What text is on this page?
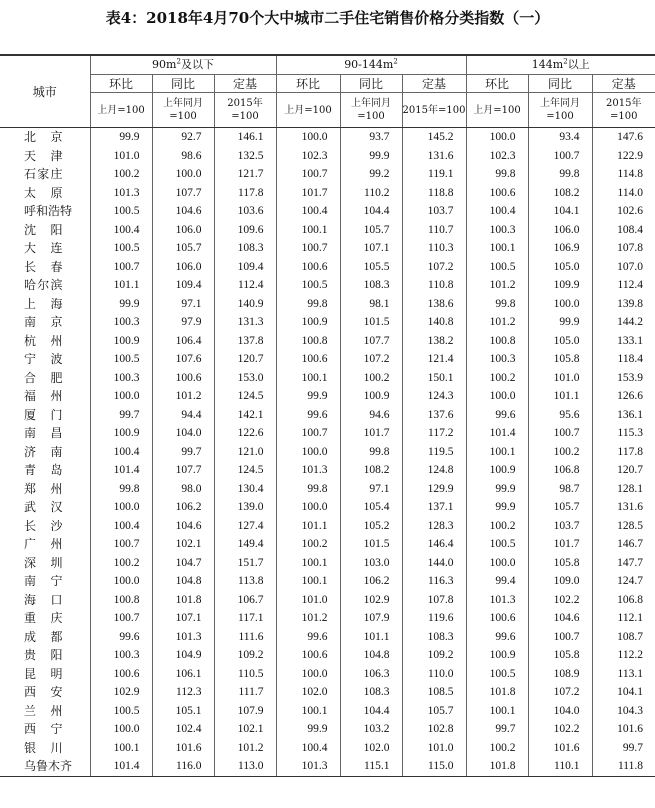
表4：2018年4月70个大中城市二手住宅销售价格分类指数（一）
城市	$90m^2$及以下			$90-144m^2$			$144m^2$以上		
	环比	同比	定基	环比	同比	定基	环比	同比	定基
	上月=100	上年同月=100	2015年=100	上月=100	上年同月=100	2015年=100	上月=100	上年同月=100	2015年=100
北京	99.9	92.7	146.1	100.0	93.7	145.2	100.0	93.4	147.6
天津	101.0	98.6	132.5	102.3	99.9	131.6	102.3	100.7	122.9
石家庄	100.2	100.0	121.7	100.7	99.2	119.1	99.8	99.8	114.8
太原	101.3	107.7	117.8	101.7	110.2	118.8	100.6	108.2	114.0
呼和浩特	100.5	104.6	103.6	100.4	104.4	103.7	100.4	104.1	102.6
沈阳	100.4	106.0	109.6	100.1	105.7	110.7	100.3	106.0	108.4
大连	100.5	105.7	108.3	100.7	107.1	110.3	100.1	106.9	107.8
长春	100.7	106.0	109.4	100.6	105.5	107.2	100.5	105.0	107.0
哈尔滨	101.1	109.4	112.4	100.5	108.3	110.8	101.2	109.9	112.4
上海	99.9	97.1	140.9	99.8	98.1	138.6	99.8	100.0	139.8
南京	100.3	97.9	131.3	100.9	101.5	140.8	101.2	99.9	144.2
杭州	100.9	106.4	137.8	100.8	107.7	138.2	100.8	105.0	133.1
宁波	100.5	107.6	120.7	100.6	107.2	121.4	100.3	105.8	118.4
合肥	100.3	100.6	153.0	100.1	100.2	150.1	100.2	101.0	153.9
福州	100.0	101.2	124.5	99.9	100.9	124.3	100.0	101.1	126.6
厦门	99.7	94.4	142.1	99.6	94.6	137.6	99.6	95.6	136.1
南昌	100.9	104.0	122.6	100.7	101.7	117.2	101.4	100.7	115.3
济南	100.4	99.7	121.0	100.0	99.8	119.5	100.1	100.2	117.8
青岛	101.4	107.7	124.5	101.3	108.2	124.8	100.9	106.8	120.7
郑州	99.8	98.0	130.4	99.8	97.1	129.9	99.9	98.7	128.1
武汉	100.0	106.2	139.0	100.0	105.4	137.1	99.9	105.7	131.6
长沙	100.4	104.6	127.4	101.1	105.2	128.3	100.2	103.7	128.5
广州	100.7	102.1	149.4	100.2	101.5	146.4	100.5	101.7	146.7
深圳	100.2	104.7	151.7	100.1	103.0	144.0	100.0	105.8	147.7
南宁	100.0	104.8	113.8	100.1	106.2	116.3	99.4	109.0	124.7
海口	100.8	101.8	106.7	101.0	102.9	107.8	101.3	102.2	106.8
重庆	100.7	107.1	117.1	101.2	107.9	119.6	100.6	104.6	112.1
成都	99.6	101.3	111.6	99.6	101.1	108.3	99.6	100.7	108.7
贵阳	100.3	104.9	109.2	100.6	104.8	109.2	100.9	105.8	112.2
昆明	100.6	106.1	110.5	100.0	106.3	110.0	100.5	108.9	113.1
西安	102.9	112.3	111.7	102.0	108.3	108.5	101.8	107.2	104.1
兰州	100.5	105.1	107.9	100.1	104.4	105.7	100.1	104.0	104.3
西宁	100.0	102.4	102.1	99.9	103.2	102.8	99.7	102.2	101.6
银川	100.1	101.6	101.2	100.4	102.0	101.0	100.2	101.6	99.7
乌鲁木齐	101.4	116.0	113.0	101.3	115.1	115.0	101.8	110.1	111.8
